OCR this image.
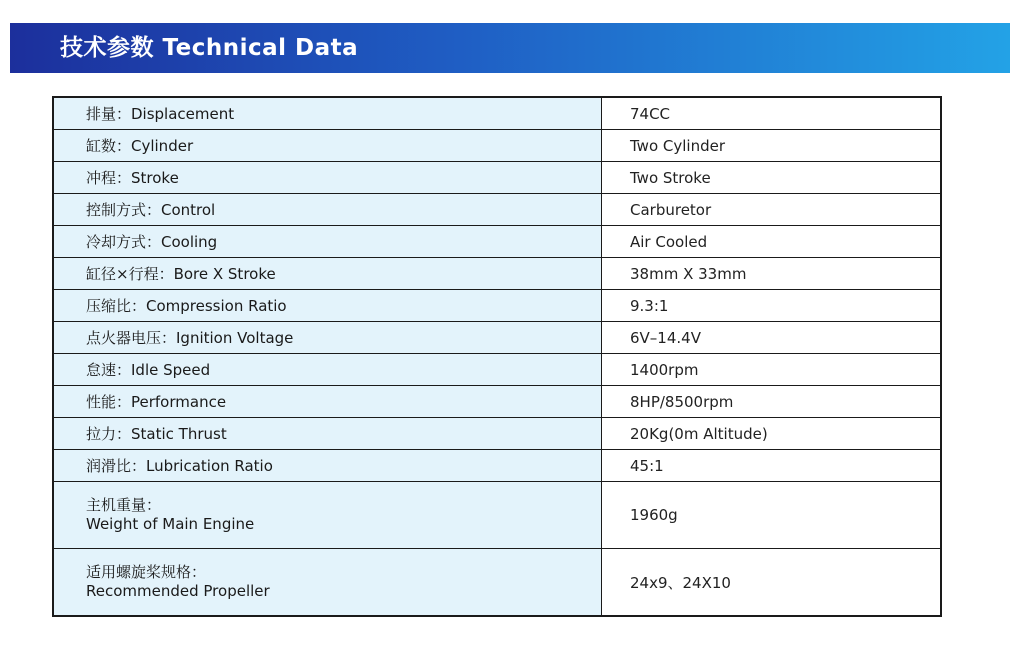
技术参数 Technical Data
排量：Displacement	74CC
缸数：Cylinder	Two Cylinder
冲程：Stroke	Two Stroke
控制方式：Control	Carburetor
冷却方式：Cooling	Air Cooled
缸径×行程：Bore X Stroke	38mm X 33mm
压缩比：Compression Ratio	9.3:1
点火器电压：Ignition Voltage	6V–14.4V
怠速：Idle Speed	1400rpm
性能：Performance	8HP/8500rpm
拉力：Static Thrust	20Kg(0m Altitude)
润滑比：Lubrication Ratio	45:1

主机重量：
Weight of Main Engine	1960g

适用螺旋桨规格：
Recommended Propeller	24x9、24X10
